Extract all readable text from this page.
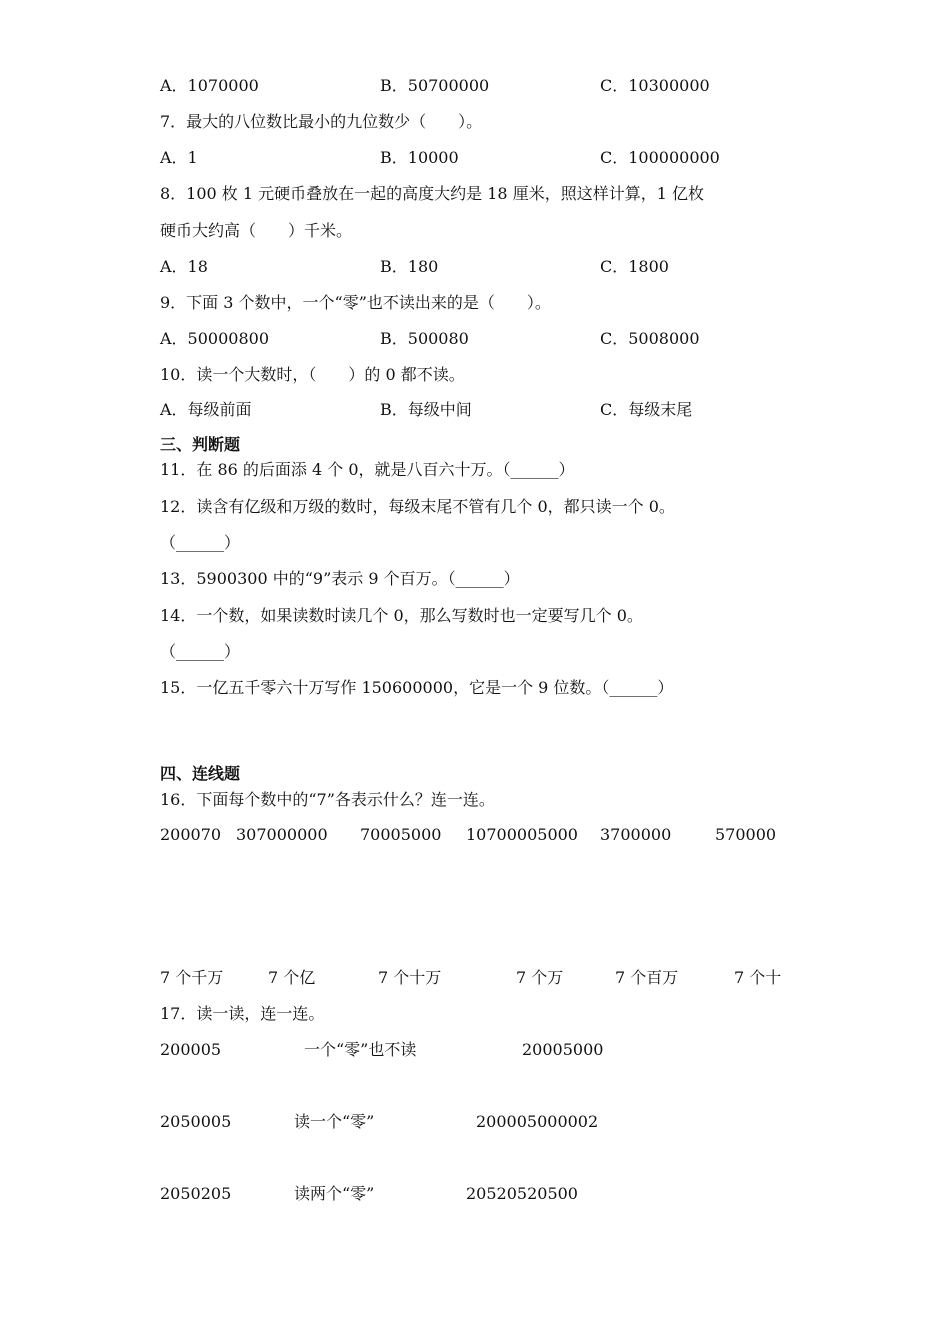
A．1070000	B．50700000	C．10300000
7．最大的八位数比最小的九位数少（　　）。
A．1	B．10000	C．100000000
8．100 枚 1 元硬币叠放在一起的高度大约是 18 厘米，照这样计算，1 亿枚
硬币大约高（　　）千米。
A．18	B．180	C．1800
9．下面 3 个数中，一个“零”也不读出来的是（　　）。
A．50000800	B．500080	C．5008000
10．读一个大数时，（　　）的 0 都不读。
A．每级前面	B．每级中间	C．每级末尾
三、判断题
11．在 86 的后面添 4 个 0，就是八百六十万。（______）
12．读含有亿级和万级的数时，每级末尾不管有几个 0，都只读一个 0。
（______）
13．5900300 中的“9”表示 9 个百万。（______）
14．一个数，如果读数时读几个 0，那么写数时也一定要写几个 0。
（______）
15．一亿五千零六十万写作 150600000，它是一个 9 位数。（______）
四、连线题
16．下面每个数中的“7”各表示什么？连一连。
200070 307000000 70005000 10700005000 3700000	570000
7 个千万	7 个亿	7 个十万	7 个万	7 个百万	7 个十
17．读一读，连一连。
200005	一个“零”也不读	20005000
2050005	读一个“零”	200005000002
2050205	读两个“零”	20520520500
